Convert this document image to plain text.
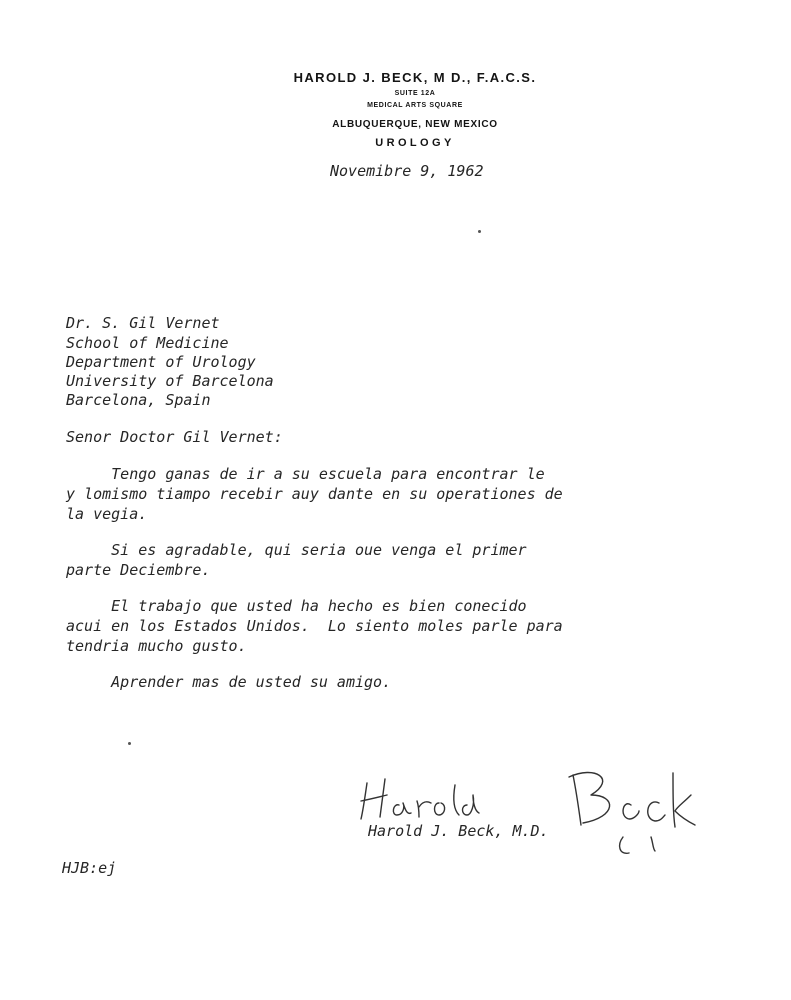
HAROLD J. BECK, M D., F.A.C.S.
SUITE 12A
MEDICAL ARTS SQUARE
ALBUQUERQUE, NEW MEXICO
UROLOGY
Novemibre 9, 1962
Dr. S. Gil Vernet
School of Medicine
Department of Urology
University of Barcelona
Barcelona, Spain
Senor Doctor Gil Vernet:
Tengo ganas de ir a su escuela para encontrar le
y lomismo tiampo recebir auy dante en su operationes de
la vegia.
Si es agradable, qui seria oue venga el primer
parte Deciembre.
El trabajo que usted ha hecho es bien conecido
acui en los Estados Unidos.  Lo siento moles parle para
tendria mucho gusto.
Aprender mas de usted su amigo.
Harold J. Beck, M.D.
HJB:ej
